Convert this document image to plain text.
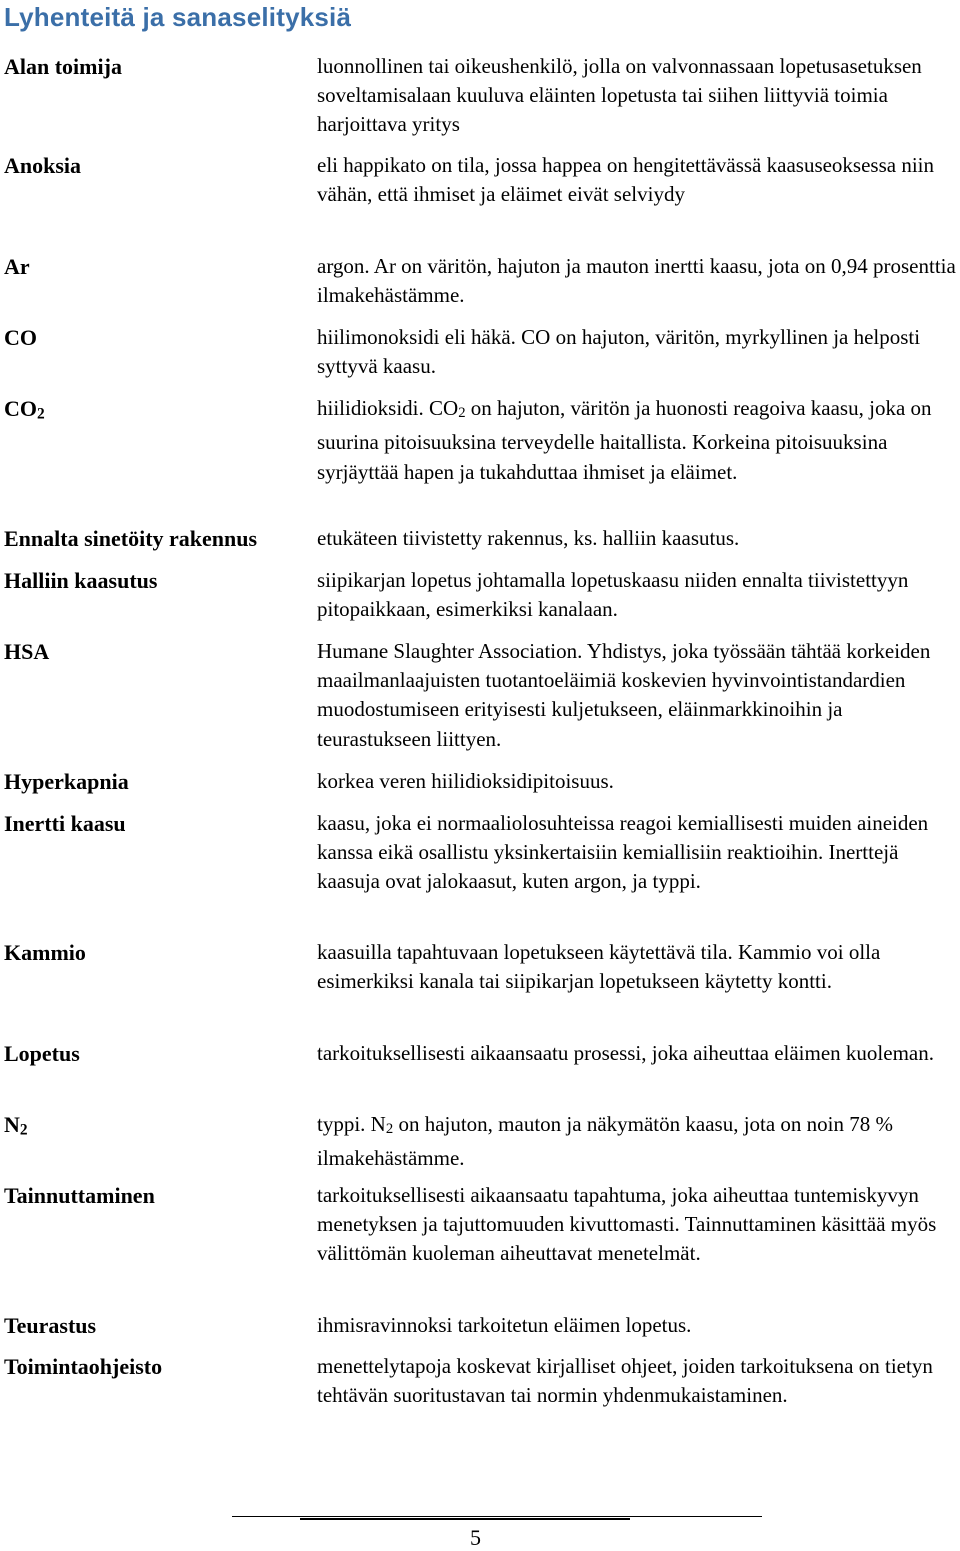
Lyhenteitä ja sanaselityksiä
Alan toimija	luonnollinen tai oikeushenkilö, jolla on valvonnassaan lopetusasetuksen soveltamisalaan kuuluva eläinten lopetusta tai siihen liittyviä toimia harjoittava yritys
Anoksia	eli happikato on tila, jossa happea on hengitettävässä kaasuseoksessa niin vähän, että ihmiset ja eläimet eivät selviydy
Ar	argon. Ar on väritön, hajuton ja mauton inertti kaasu, jota on 0,94 prosenttia ilmakehästämme.
CO	hiilimonoksidi eli häkä. CO on hajuton, väritön, myrkyllinen ja helposti syttyvä kaasu.
$CO_2$	hiilidioksidi. $CO_2$ on hajuton, väritön ja huonosti reagoiva kaasu, joka on suurina pitoisuuksina terveydelle haitallista. Korkeina pitoisuuksina syrjäyttää hapen ja tukahduttaa ihmiset ja eläimet.
Ennalta sinetöity rakennus	etukäteen tiivistetty rakennus, ks. halliin kaasutus.
Halliin kaasutus	siipikarjan lopetus johtamalla lopetuskaasu niiden ennalta tiivistettyyn pitopaikkaan, esimerkiksi kanalaan.
HSA	Humane Slaughter Association. Yhdistys, joka työssään tähtää korkeiden maailmanlaajuisten tuotantoeläimiä koskevien hyvinvointistandardien muodostumiseen erityisesti kuljetukseen, eläinmarkkinoihin ja teurastukseen liittyen.
Hyperkapnia	korkea veren hiilidioksidipitoisuus.
Inertti kaasu	kaasu, joka ei normaaliolosuhteissa reagoi kemiallisesti muiden aineiden kanssa eikä osallistu yksinkertaisiin kemiallisiin reaktioihin. Inerttejä kaasuja ovat jalokaasut, kuten argon, ja typpi.
Kammio	kaasuilla tapahtuvaan lopetukseen käytettävä tila. Kammio voi olla esimerkiksi kanala tai siipikarjan lopetukseen käytetty kontti.
Lopetus	tarkoituksellisesti aikaansaatu prosessi, joka aiheuttaa eläimen kuoleman.
$N_2$	typpi. $N_2$ on hajuton, mauton ja näkymätön kaasu, jota on noin 78 % ilmakehästämme.
Tainnuttaminen	tarkoituksellisesti aikaansaatu tapahtuma, joka aiheuttaa tuntemiskyvyn menetyksen ja tajuttomuuden kivuttomasti. Tainnuttaminen käsittää myös välittömän kuoleman aiheuttavat menetelmät.
Teurastus	ihmisravinnoksi tarkoitetun eläimen lopetus.
Toimintaohjeisto	menettelytapoja koskevat kirjalliset ohjeet, joiden tarkoituksena on tietyn tehtävän suoritustavan tai normin yhdenmukaistaminen.
5
